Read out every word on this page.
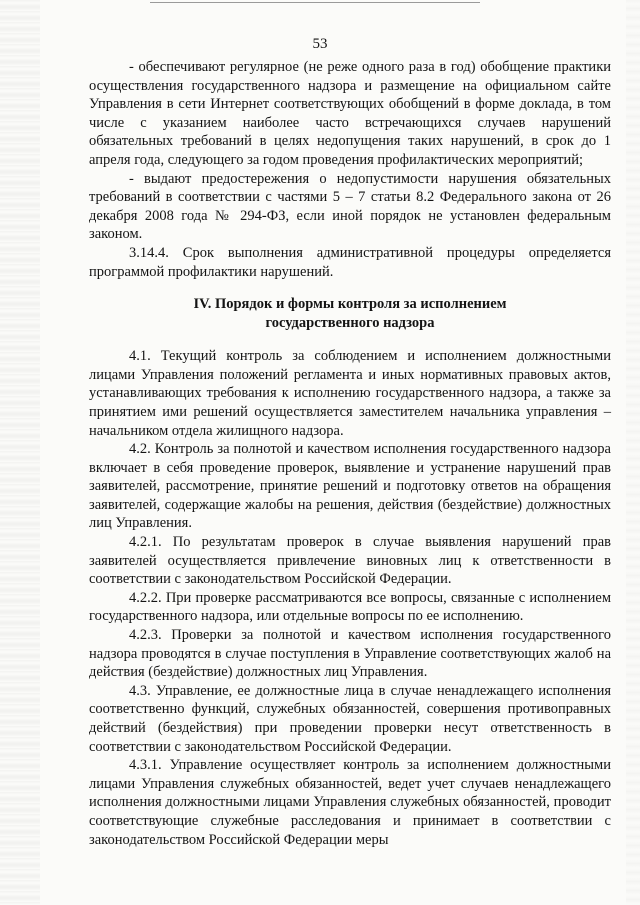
53

- обеспечивают регулярное (не реже одного раза в год) обобщение практики осуществления государственного надзора и размещение на официальном сайте Управления в сети Интернет соответствующих обобщений в форме доклада, в том числе с указанием наиболее часто встречающихся случаев нарушений обязательных требований в целях недопущения таких нарушений, в срок до 1 апреля года, следующего за годом проведения профилактических мероприятий;

- выдают предостережения о недопустимости нарушения обязательных требований в соответствии с частями 5 – 7 статьи 8.2 Федерального закона от 26 декабря 2008 года № 294-ФЗ, если иной порядок не установлен федеральным законом.

3.14.4. Срок выполнения административной процедуры определяется программой профилактики нарушений.

IV. Порядок и формы контроля за исполнением
государственного надзора

4.1. Текущий контроль за соблюдением и исполнением должностными лицами Управления положений регламента и иных нормативных правовых актов, устанавливающих требования к исполнению государственного надзора, а также за принятием ими решений осуществляется заместителем начальника управления – начальником отдела жилищного надзора.

4.2. Контроль за полнотой и качеством исполнения государственного надзора включает в себя проведение проверок, выявление и устранение нарушений прав заявителей, рассмотрение, принятие решений и подготовку ответов на обращения заявителей, содержащие жалобы на решения, действия (бездействие) должностных лиц Управления.

4.2.1. По результатам проверок в случае выявления нарушений прав заявителей осуществляется привлечение виновных лиц к ответственности в соответствии с законодательством Российской Федерации.

4.2.2. При проверке рассматриваются все вопросы, связанные с исполнением государственного надзора, или отдельные вопросы по ее исполнению.

4.2.3. Проверки за полнотой и качеством исполнения государственного надзора проводятся в случае поступления в Управление соответствующих жалоб на действия (бездействие) должностных лиц Управления.

4.3. Управление, ее должностные лица в случае ненадлежащего исполнения соответственно функций, служебных обязанностей, совершения противоправных действий (бездействия) при проведении проверки несут ответственность в соответствии с законодательством Российской Федерации.

4.3.1. Управление осуществляет контроль за исполнением должностными лицами Управления служебных обязанностей, ведет учет случаев ненадлежащего исполнения должностными лицами Управления служебных обязанностей, проводит соответствующие служебные расследования и принимает в соответствии с законодательством Российской Федерации меры
